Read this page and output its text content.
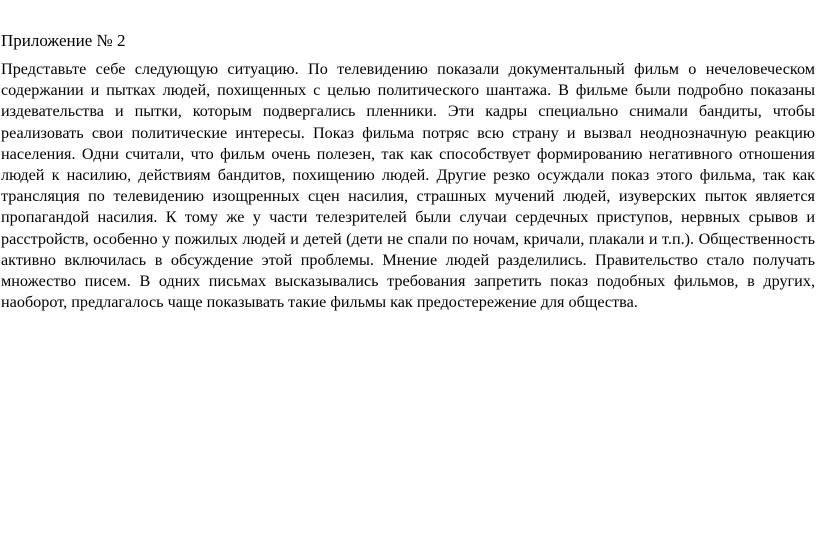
Приложение № 2

Представьте себе следующую ситуацию. По телевидению показали документальный фильм о нечеловеческом содержании и пытках людей, похищенных с целью политического шантажа. В фильме были подробно показаны издевательства и пытки, которым подвергались пленники. Эти кадры специально снимали бандиты, чтобы реализовать свои политические интересы. Показ фильма потряс всю страну и вызвал неоднозначную реакцию населения. Одни считали, что фильм очень полезен, так как способствует формированию негативного отношения людей к насилию, действиям бандитов, похищению людей. Другие резко осуждали показ этого фильма, так как трансляция по телевидению изощренных сцен насилия, страшных мучений людей, изуверских пыток является пропагандой насилия. К тому же у части телезрителей были случаи сердечных приступов, нервных срывов и расстройств, особенно у пожилых людей и детей (дети не спали по ночам, кричали, плакали и т.п.). Общественность активно включилась в обсуждение этой проблемы. Мнение людей разделились. Правительство стало получать множество писем. В одних письмах высказывались требования запретить показ подобных фильмов, в других, наоборот, предлагалось чаще показывать такие фильмы как предостережение для общества.
